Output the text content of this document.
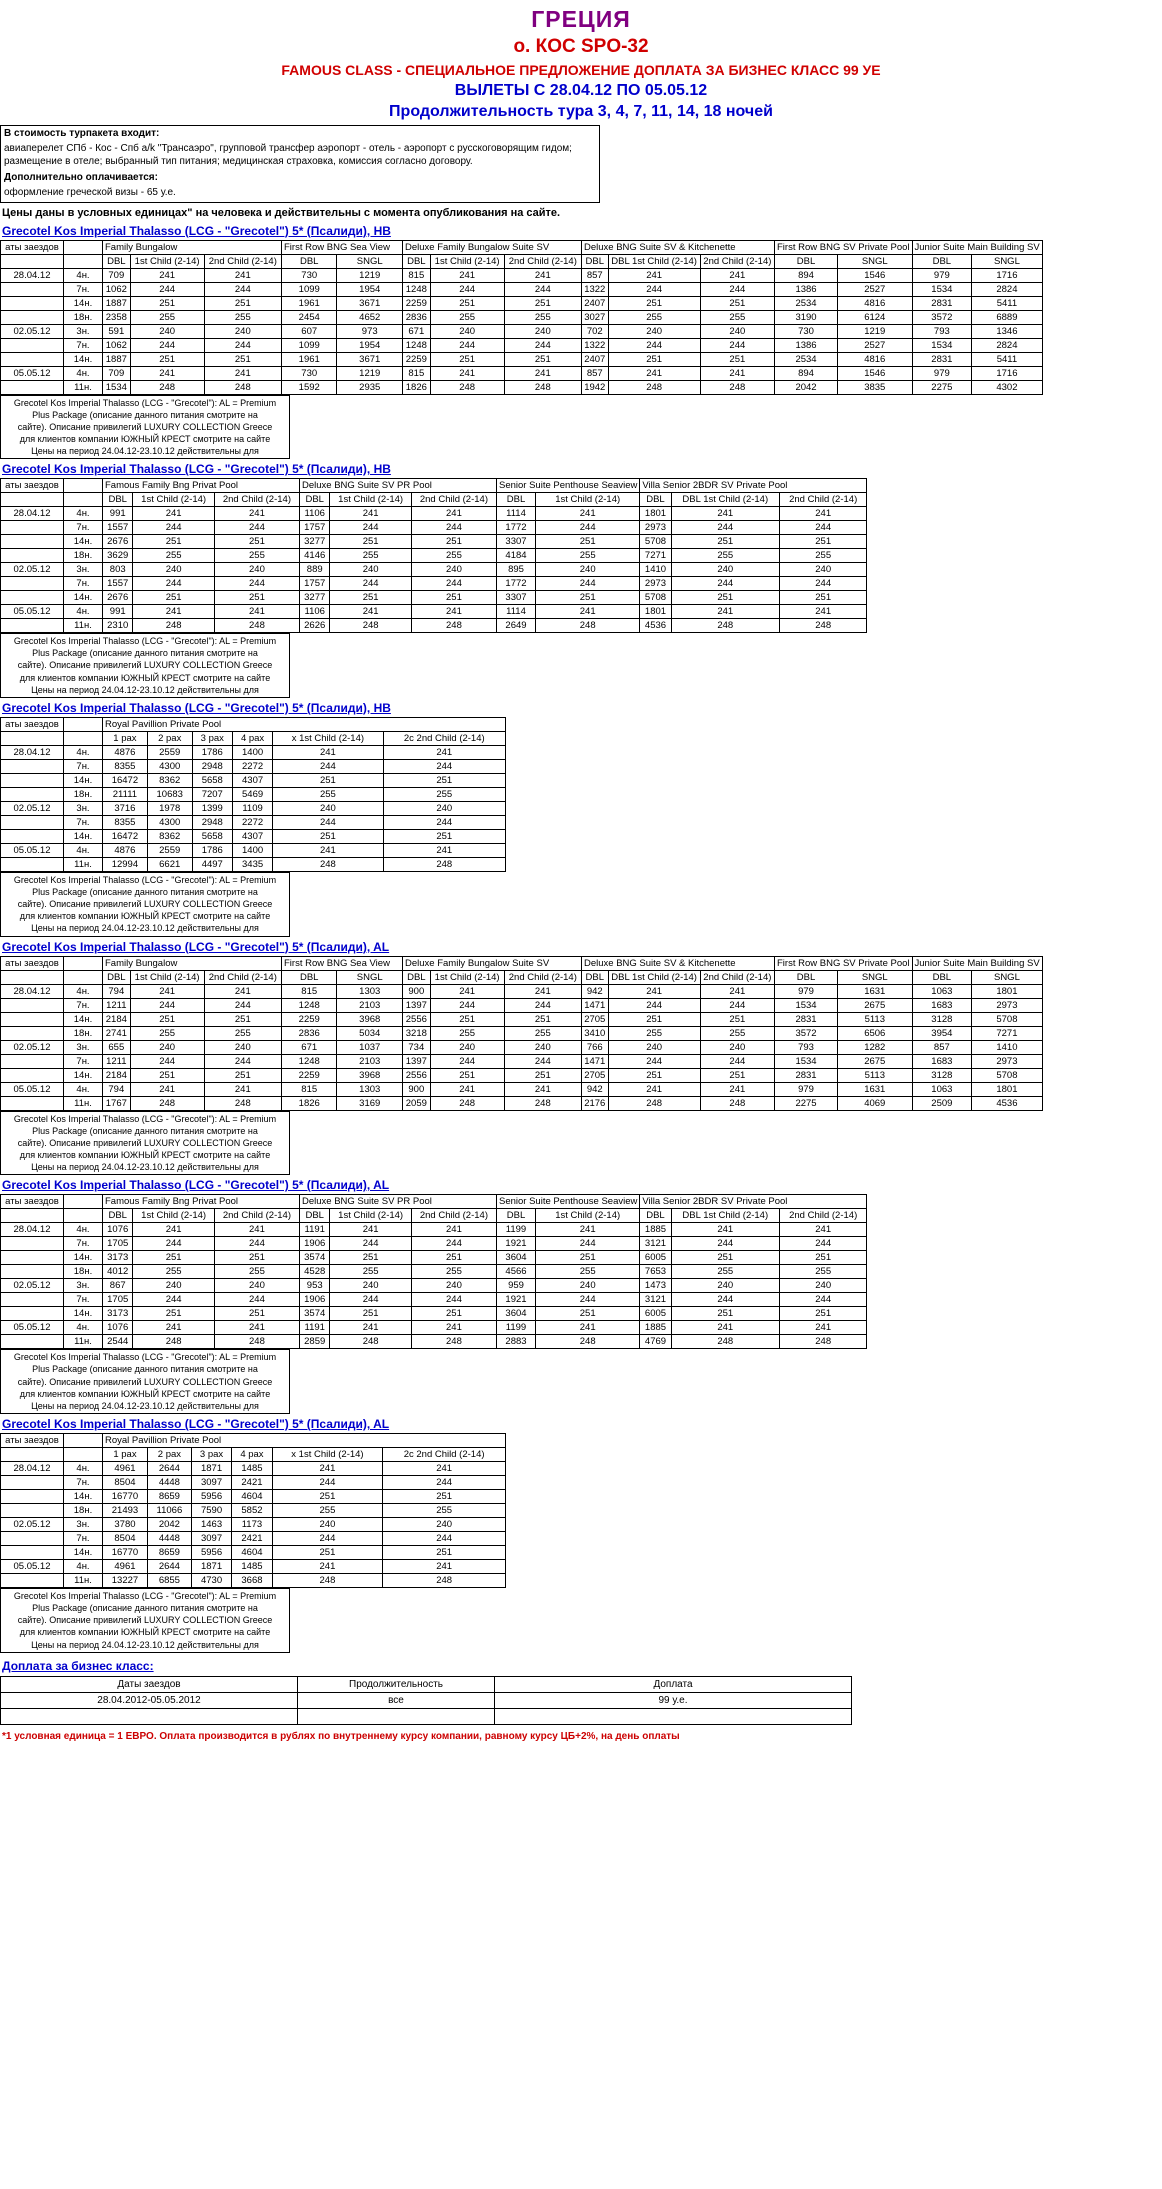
ГРЕЦИЯ
о. КОС SPO-32
FAMOUS CLASS - СПЕЦИАЛЬНОЕ ПРЕДЛОЖЕНИЕ ДОПЛАТА ЗА БИЗНЕС КЛАСС 99 УЕ
ВЫЛЕТЫ С 28.04.12 ПО 05.05.12
Продолжительность тура 3, 4, 7, 11, 14, 18 ночей
В стоимость турпакета входит:
авиаперелет СПб - Кос - Спб a/k "Трансаэро", групповой трансфер аэропорт - отель - аэропорт с русскоговорящим гидом; размещение в отеле; выбранный тип питания; медицинская страховка, комиссия согласно договору.
Дополнительно оплачивается:
оформление греческой визы - 65 у.е.
Цены даны в условных единицах" на человека и действительны с момента опубликования на сайте.
Grecotel Kos Imperial Thalasso (LCG - "Grecotel") 5* (Псалиди), HB
аты заездов		Family Bungalow			First Row BNG Sea View		Deluxe Family Bungalow Suite SV			Deluxe BNG Suite SV & Kitchenette			First Row BNG SV Private Pool		Junior Suite Main Building SV	
		DBL	1st Child (2-14)	2nd Child (2-14)	DBL	SNGL	DBL	1st Child (2-14)	2nd Child (2-14)	DBL	DBL 1st Child (2-14)	2nd Child (2-14)	DBL	SNGL	DBL	SNGL
28.04.12	4н.	709	241	241	730	1219	815	241	241	857	241	241	894	1546	979	1716
	7н.	1062	244	244	1099	1954	1248	244	244	1322	244	244	1386	2527	1534	2824
	14н.	1887	251	251	1961	3671	2259	251	251	2407	251	251	2534	4816	2831	5411
	18н.	2358	255	255	2454	4652	2836	255	255	3027	255	255	3190	6124	3572	6889
02.05.12	3н.	591	240	240	607	973	671	240	240	702	240	240	730	1219	793	1346
	7н.	1062	244	244	1099	1954	1248	244	244	1322	244	244	1386	2527	1534	2824
	14н.	1887	251	251	1961	3671	2259	251	251	2407	251	251	2534	4816	2831	5411
05.05.12	4н.	709	241	241	730	1219	815	241	241	857	241	241	894	1546	979	1716
	11н.	1534	248	248	1592	2935	1826	248	248	1942	248	248	2042	3835	2275	4302
Grecotel Kos Imperial Thalasso (LCG - "Grecotel"): AL = Premium
Plus Package (описание данного питания смотрите на
сайте). Описание привилегий LUXURY COLLECTION Greece
для клиентов компании ЮЖНЫЙ КРЕСТ смотрите на сайте
Цены на период 24.04.12-23.10.12 действительны для
Grecotel Kos Imperial Thalasso (LCG - "Grecotel") 5* (Псалиди), HB
аты заездов		Famous Family Bng Privat Pool			Deluxe BNG Suite SV PR Pool			Senior Suite Penthouse Seaview		Villa Senior 2BDR SV Private Pool		
		DBL	1st Child (2-14)	2nd Child (2-14)	DBL	1st Child (2-14)	2nd Child (2-14)	DBL	1st Child (2-14)	DBL	DBL 1st Child (2-14)	2nd Child (2-14)
28.04.12	4н.	991	241	241	1106	241	241	1114	241	1801	241	241
	7н.	1557	244	244	1757	244	244	1772	244	2973	244	244
	14н.	2676	251	251	3277	251	251	3307	251	5708	251	251
	18н.	3629	255	255	4146	255	255	4184	255	7271	255	255
02.05.12	3н.	803	240	240	889	240	240	895	240	1410	240	240
	7н.	1557	244	244	1757	244	244	1772	244	2973	244	244
	14н.	2676	251	251	3277	251	251	3307	251	5708	251	251
05.05.12	4н.	991	241	241	1106	241	241	1114	241	1801	241	241
	11н.	2310	248	248	2626	248	248	2649	248	4536	248	248
Grecotel Kos Imperial Thalasso (LCG - "Grecotel"): AL = Premium
Plus Package (описание данного питания смотрите на
сайте). Описание привилегий LUXURY COLLECTION Greece
для клиентов компании ЮЖНЫЙ КРЕСТ смотрите на сайте
Цены на период 24.04.12-23.10.12 действительны для
Grecotel Kos Imperial Thalasso (LCG - "Grecotel") 5* (Псалиди), HB
аты заездов		Royal Pavillion Private Pool					
		1 pax	2 pax	3 pax	4 pax	x 1st Child (2-14)	2c 2nd Child (2-14)
28.04.12	4н.	4876	2559	1786	1400	241	241
	7н.	8355	4300	2948	2272	244	244
	14н.	16472	8362	5658	4307	251	251
	18н.	21111	10683	7207	5469	255	255
02.05.12	3н.	3716	1978	1399	1109	240	240
	7н.	8355	4300	2948	2272	244	244
	14н.	16472	8362	5658	4307	251	251
05.05.12	4н.	4876	2559	1786	1400	241	241
	11н.	12994	6621	4497	3435	248	248
Grecotel Kos Imperial Thalasso (LCG - "Grecotel"): AL = Premium
Plus Package (описание данного питания смотрите на
сайте). Описание привилегий LUXURY COLLECTION Greece
для клиентов компании ЮЖНЫЙ КРЕСТ смотрите на сайте
Цены на период 24.04.12-23.10.12 действительны для
Grecotel Kos Imperial Thalasso (LCG - "Grecotel") 5* (Псалиди), AL
аты заездов		Family Bungalow			First Row BNG Sea View		Deluxe Family Bungalow Suite SV			Deluxe BNG Suite SV & Kitchenette			First Row BNG SV Private Pool		Junior Suite Main Building SV	
		DBL	1st Child (2-14)	2nd Child (2-14)	DBL	SNGL	DBL	1st Child (2-14)	2nd Child (2-14)	DBL	DBL 1st Child (2-14)	2nd Child (2-14)	DBL	SNGL	DBL	SNGL
28.04.12	4н.	794	241	241	815	1303	900	241	241	942	241	241	979	1631	1063	1801
	7н.	1211	244	244	1248	2103	1397	244	244	1471	244	244	1534	2675	1683	2973
	14н.	2184	251	251	2259	3968	2556	251	251	2705	251	251	2831	5113	3128	5708
	18н.	2741	255	255	2836	5034	3218	255	255	3410	255	255	3572	6506	3954	7271
02.05.12	3н.	655	240	240	671	1037	734	240	240	766	240	240	793	1282	857	1410
	7н.	1211	244	244	1248	2103	1397	244	244	1471	244	244	1534	2675	1683	2973
	14н.	2184	251	251	2259	3968	2556	251	251	2705	251	251	2831	5113	3128	5708
05.05.12	4н.	794	241	241	815	1303	900	241	241	942	241	241	979	1631	1063	1801
	11н.	1767	248	248	1826	3169	2059	248	248	2176	248	248	2275	4069	2509	4536
Grecotel Kos Imperial Thalasso (LCG - "Grecotel"): AL = Premium
Plus Package (описание данного питания смотрите на
сайте). Описание привилегий LUXURY COLLECTION Greece
для клиентов компании ЮЖНЫЙ КРЕСТ смотрите на сайте
Цены на период 24.04.12-23.10.12 действительны для
Grecotel Kos Imperial Thalasso (LCG - "Grecotel") 5* (Псалиди), AL
аты заездов		Famous Family Bng Privat Pool			Deluxe BNG Suite SV PR Pool			Senior Suite Penthouse Seaview		Villa Senior 2BDR SV Private Pool		
		DBL	1st Child (2-14)	2nd Child (2-14)	DBL	1st Child (2-14)	2nd Child (2-14)	DBL	1st Child (2-14)	DBL	DBL 1st Child (2-14)	2nd Child (2-14)
28.04.12	4н.	1076	241	241	1191	241	241	1199	241	1885	241	241
	7н.	1705	244	244	1906	244	244	1921	244	3121	244	244
	14н.	3173	251	251	3574	251	251	3604	251	6005	251	251
	18н.	4012	255	255	4528	255	255	4566	255	7653	255	255
02.05.12	3н.	867	240	240	953	240	240	959	240	1473	240	240
	7н.	1705	244	244	1906	244	244	1921	244	3121	244	244
	14н.	3173	251	251	3574	251	251	3604	251	6005	251	251
05.05.12	4н.	1076	241	241	1191	241	241	1199	241	1885	241	241
	11н.	2544	248	248	2859	248	248	2883	248	4769	248	248
Grecotel Kos Imperial Thalasso (LCG - "Grecotel"): AL = Premium
Plus Package (описание данного питания смотрите на
сайте). Описание привилегий LUXURY COLLECTION Greece
для клиентов компании ЮЖНЫЙ КРЕСТ смотрите на сайте
Цены на период 24.04.12-23.10.12 действительны для
Grecotel Kos Imperial Thalasso (LCG - "Grecotel") 5* (Псалиди), AL
аты заездов		Royal Pavillion Private Pool					
		1 pax	2 pax	3 pax	4 pax	x 1st Child (2-14)	2c 2nd Child (2-14)
28.04.12	4н.	4961	2644	1871	1485	241	241
	7н.	8504	4448	3097	2421	244	244
	14н.	16770	8659	5956	4604	251	251
	18н.	21493	11066	7590	5852	255	255
02.05.12	3н.	3780	2042	1463	1173	240	240
	7н.	8504	4448	3097	2421	244	244
	14н.	16770	8659	5956	4604	251	251
05.05.12	4н.	4961	2644	1871	1485	241	241
	11н.	13227	6855	4730	3668	248	248
Grecotel Kos Imperial Thalasso (LCG - "Grecotel"): AL = Premium
Plus Package (описание данного питания смотрите на
сайте). Описание привилегий LUXURY COLLECTION Greece
для клиентов компании ЮЖНЫЙ КРЕСТ смотрите на сайте
Цены на период 24.04.12-23.10.12 действительны для
Доплата за бизнес класс:
Даты заездов	Продолжительность	Доплата
28.04.2012-05.05.2012	все	99 у.е.

*1 условная единица = 1 ЕВРО. Оплата производится в рублях по внутреннему курсу компании, равному курсу ЦБ+2%, на день оплаты
